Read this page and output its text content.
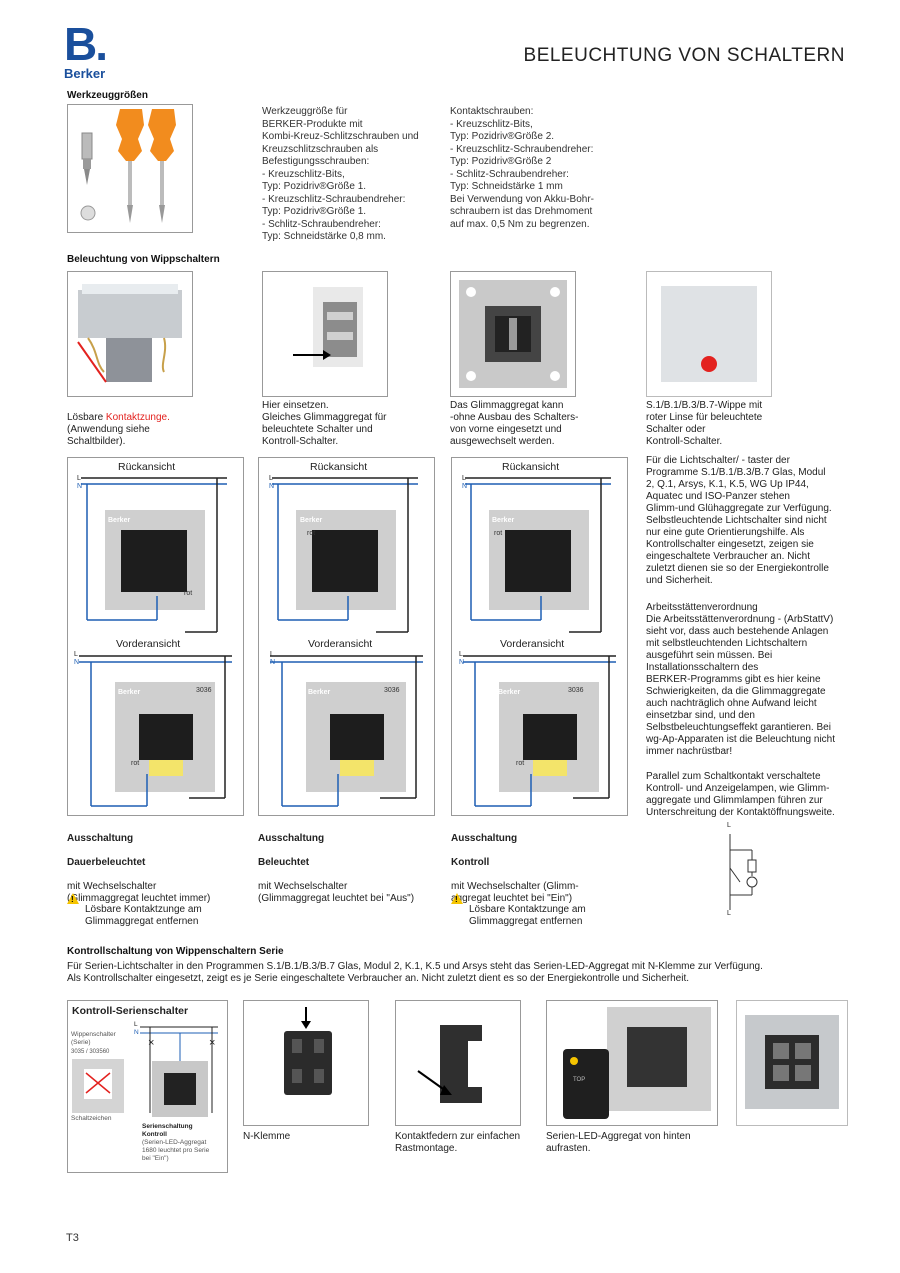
B.
Berker
BELEUCHTUNG VON SCHALTERN
Werkzeuggrößen
Werkzeuggröße für
BERKER-Produkte mit
Kombi-Kreuz-Schlitzschrauben und
Kreuzschlitzschrauben als
Befestigungsschrauben:
- Kreuzschlitz-Bits,
Typ: Pozidriv®Größe 1.
- Kreuzschlitz-Schraubendreher:
Typ: Pozidriv®Größe 1.
- Schlitz-Schraubendreher:
Typ: Schneidstärke 0,8 mm.
Kontaktschrauben:
- Kreuzschlitz-Bits,
Typ: Pozidriv®Größe 2.
- Kreuzschlitz-Schraubendreher:
Typ: Pozidriv®Größe 2
- Schlitz-Schraubendreher:
Typ: Schneidstärke 1 mm
Bei Verwendung von Akku-Bohr-
schraubern ist das Drehmoment
auf max. 0,5 Nm zu begrenzen.
Beleuchtung von Wippschaltern

Lösbare Kontaktzunge.

(Anwendung siehe
Schaltbilder).

Hier einsetzen.
Gleiches Glimmaggregat für
beleuchtete Schalter und
Kontroll-Schalter.
Das Glimmaggregat kann
-ohne Ausbau des Schalters-
von vorne eingesetzt und
ausgewechselt werden.
S.1/B.1/B.3/B.7-Wippe mit
roter Linse für beleuchtete
Schalter oder
Kontroll-Schalter.
Rückansicht	Rückansicht	Rückansicht
Vorderansicht	Vorderansicht	Vorderansicht
L
N
L
N
L
N
L
N
L
N
L
N
3036	3036	3036
rot
rot	rot
rot
rot
Berker	Berker	Berker
Berker	Berker	Berker

Ausschaltung

Dauerbeleuchtet

mit Wechselschalter
(Glimmaggregat leuchtet immer)

Ausschaltung

Beleuchtet

mit Wechselschalter
(Glimmaggregat leuchtet bei "Aus")

Ausschaltung

Kontroll

mit Wechselschalter (Glimm-
aggregat leuchtet bei "Ein")

!

Lösbare Kontaktzunge am
Glimmaggregat entfernen

!

Lösbare Kontaktzunge am
Glimmaggregat entfernen

Für die Lichtschalter/ - taster der
Programme S.1/B.1/B.3/B.7 Glas, Modul
2, Q.1, Arsys, K.1, K.5, WG Up IP44,
Aquatec und ISO-Panzer stehen
Glimm-und Glühaggregate zur Verfügung.
Selbstleuchtende Lichtschalter sind nicht
nur eine gute Orientierungshilfe. Als
Kontrollschalter eingesetzt, zeigen sie
eingeschaltete Verbraucher an. Nicht
zuletzt dienen sie so der Energiekontrolle
und Sicherheit.
Arbeitsstättenverordnung
Die Arbeitsstättenverordnung - (ArbStattV)
sieht vor, dass auch bestehende Anlagen
mit selbstleuchtenden Lichtschaltern
ausgeführt sein müssen. Bei
Installationsschaltern des
BERKER-Programms gibt es hier keine
Schwierigkeiten, da die Glimmaggregate
auch nachträglich ohne Aufwand leicht
einsetzbar sind, und den
Selbstbeleuchtungseffekt garantieren. Bei
wg-Ap-Apparaten ist die Beleuchtung nicht
immer nachrüstbar!
Parallel zum Schaltkontakt verschaltete
Kontroll- und Anzeigelampen, wie Glimm-
aggregate und Glimmlampen führen zur
Unterschreitung der Kontaktöffnungsweite.
L
L
Kontrollschaltung von Wippenschaltern Serie
Für Serien-Lichtschalter in den Programmen S.1/B.1/B.3/B.7 Glas, Modul 2, K.1, K.5 und Arsys steht das Serien-LED-Aggregat mit N-Klemme zur Verfügung.
Als Kontrollschalter eingesetzt, zeigt es je Serie eingeschaltete Verbraucher an. Nicht zuletzt dient es so der Energiekontrolle und Sicherheit.
Kontroll-Serienschalter
Wippenschalter
(Serie)
3035 / 303560
Schaltzeichen
Serienschaltung
Kontroll
(Serien-LED-Aggregat
1680 leuchtet pro Serie
bei "Ein")
×	×
L
N
TOP
N-Klemme	Kontaktfedern zur einfachen
Rastmontage.
Serien-LED-Aggregat von hinten
aufrasten.
T3
